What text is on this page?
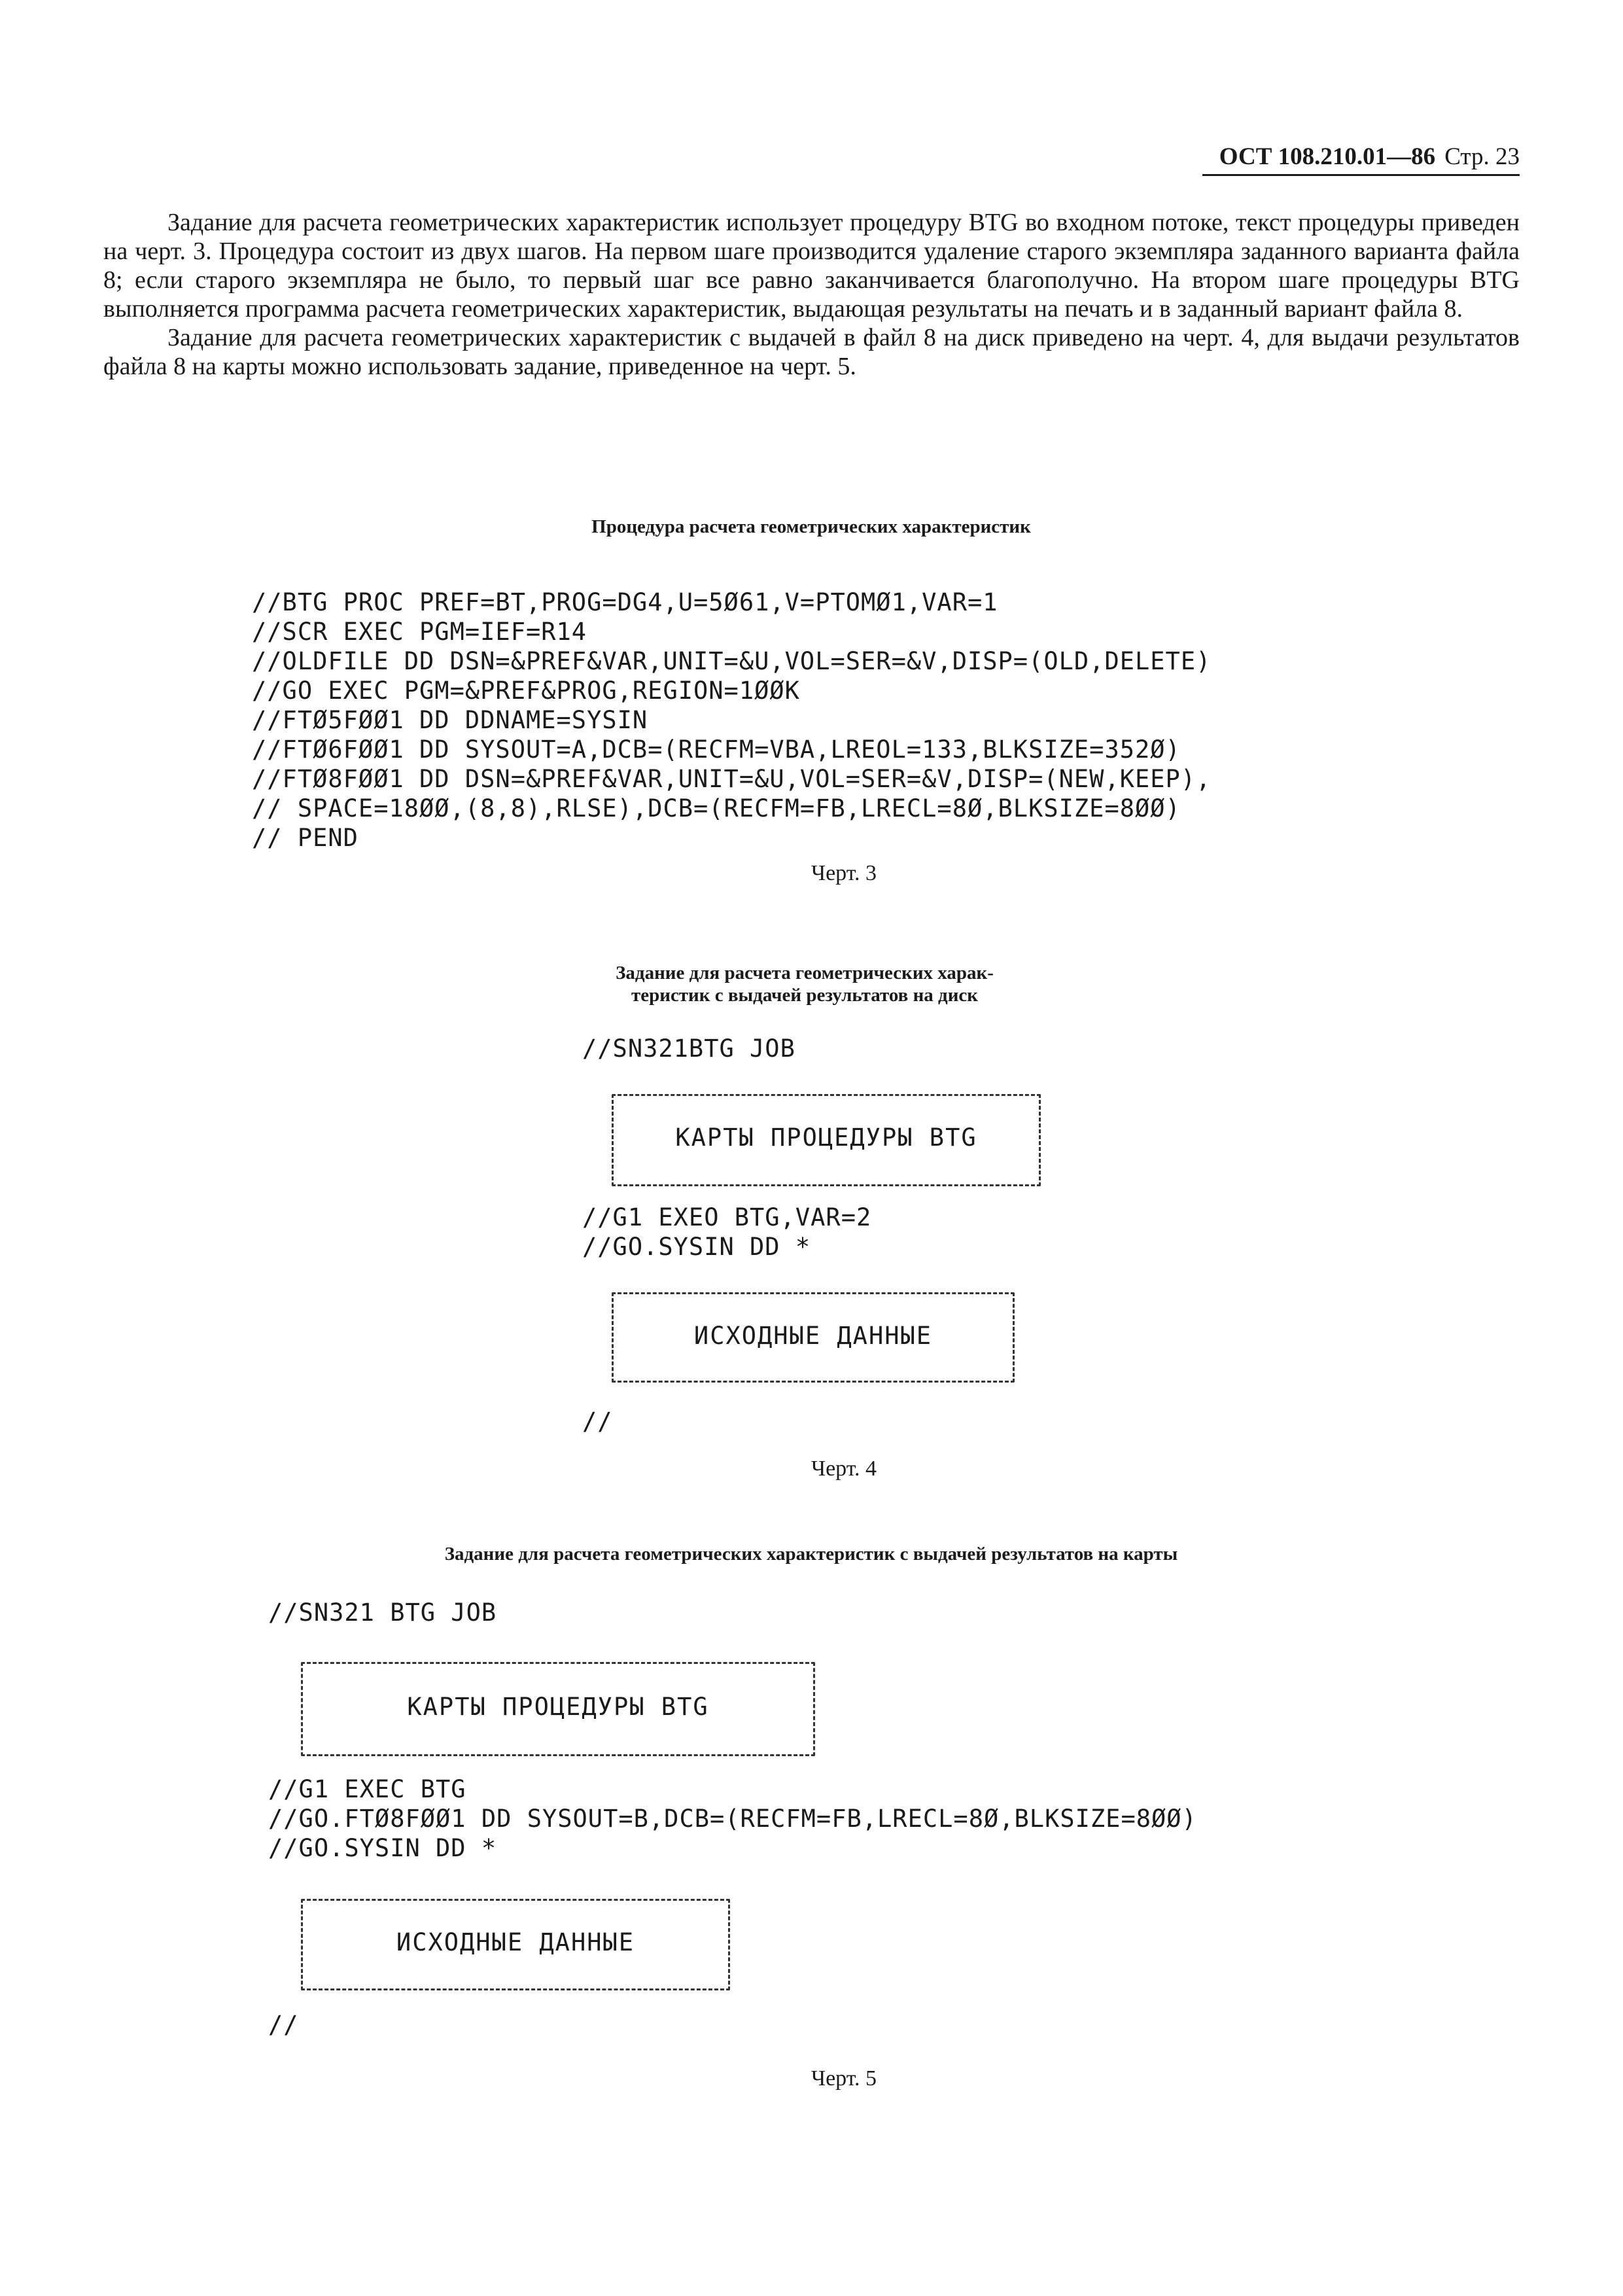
ОСТ 108.210.01—86 Стр. 23

Задание для расчета геометрических характеристик использует процедуру BTG во входном потоке, текст процедуры приведен на черт. 3. Процедура состоит из двух шагов. На первом шаге производится удаление старого экземпляра заданного варианта файла 8; если старого экземпляра не было, то первый шаг все равно заканчивается благополучно. На втором шаге процедуры BTG выполняется программа расчета геометрических характеристик, выдающая результаты на печать и в заданный вариант файла 8.

Задание для расчета геометрических характеристик с выдачей в файл 8 на диск приведено на черт. 4, для выдачи результатов файла 8 на карты можно использовать задание, приведенное на черт. 5.

Процедура расчета геометрических характеристик
//BTG PROC PREF=BT,PROG=DG4,U=5Ø61,V=PTOMØ1,VAR=1
//SCR EXEC PGM=IEF=R14
//OLDFILE DD DSN=&PREF&VAR,UNIT=&U,VOL=SER=&V,DISP=(OLD,DELETE)
//GO EXEC PGM=&PREF&PROG,REGION=1ØØK
//FTØ5FØØ1 DD DDNAME=SYSIN
//FTØ6FØØ1 DD SYSOUT=A,DCB=(RECFM=VBA,LREOL=133,BLKSIZE=352Ø)
//FTØ8FØØ1 DD DSN=&PREF&VAR,UNIT=&U,VOL=SER=&V,DISP=(NEW,KEEP),
// SPACE=18ØØ,(8,8),RLSE),DCB=(RECFM=FB,LRECL=8Ø,BLKSIZE=8ØØ)
// PEND
Черт. 3
Задание для расчета геометрических харак-
теристик с выдачей результатов на диск
//SN321BTG JOB
КАРТЫ ПРОЦЕДУРЫ BTG
//G1 EXEO BTG,VAR=2
//GO.SYSIN DD *
ИСХОДНЫЕ ДАННЫЕ
//
Черт. 4
Задание для расчета геометрических характеристик с выдачей результатов на карты
//SN321 BTG JOB
КАРТЫ ПРОЦЕДУРЫ BTG
//G1 EXEC BTG
//GO.FTØ8FØØ1 DD SYSOUT=B,DCB=(RECFM=FB,LRECL=8Ø,BLKSIZE=8ØØ)
//GO.SYSIN DD *
ИСХОДНЫЕ ДАННЫЕ
//
Черт. 5
